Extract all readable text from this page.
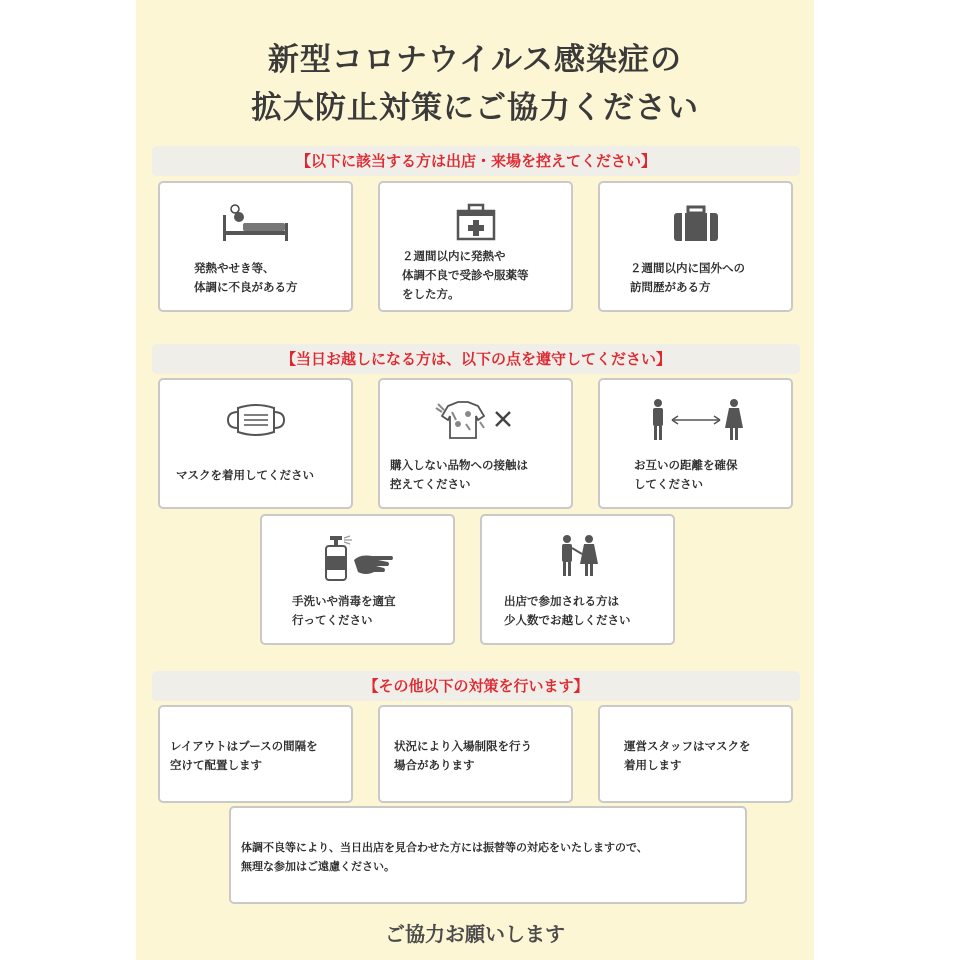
新型コロナウイルス感染症の
拡大防止対策にご協力ください
【以下に該当する方は出店・来場を控えてください】
発熱やせき等、
体調に不良がある方
２週間以内に発熱や
体調不良で受診や服薬等
をした方。
２週間以内に国外への
訪問歴がある方
【当日お越しになる方は、以下の点を遵守してください】
マスクを着用してください
購入しない品物への接触は
控えてください
お互いの距離を確保
してください
手洗いや消毒を適宜
行ってください
出店で参加される方は
少人数でお越しください
【その他以下の対策を行います】
レイアウトはブースの間隔を
空けて配置します
状況により入場制限を行う
場合があります
運営スタッフはマスクを
着用します
体調不良等により、当日出店を見合わせた方には振替等の対応をいたしますので、
無理な参加はご遠慮ください。
ご協力お願いします
